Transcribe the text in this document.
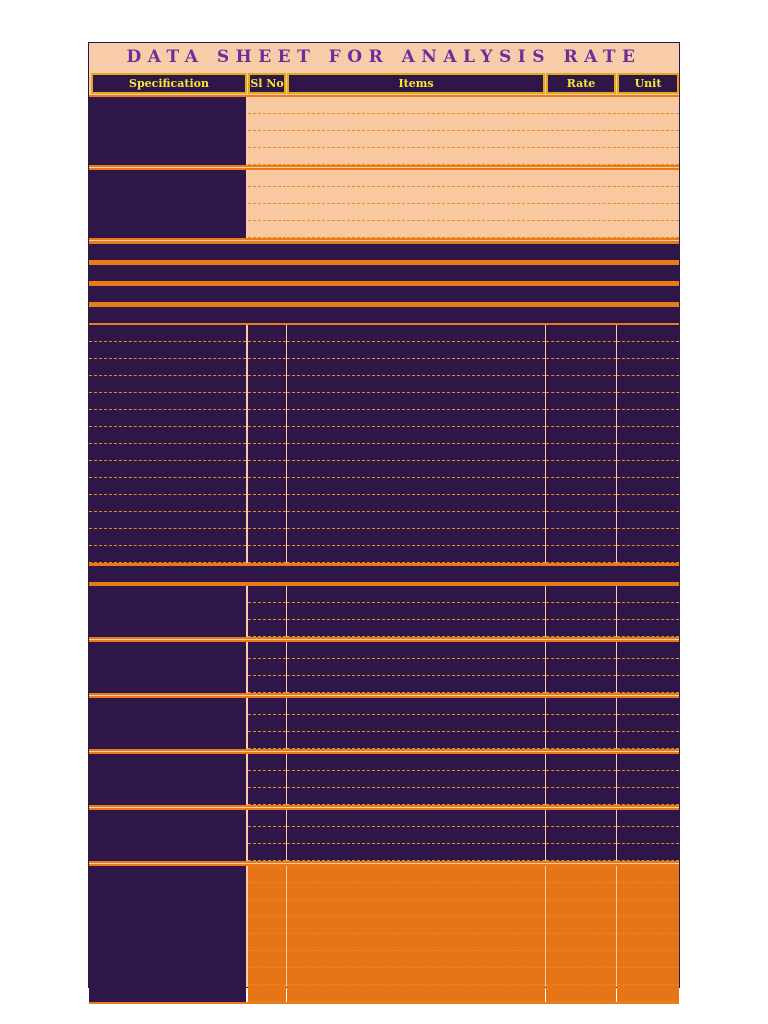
DATA SHEET FOR ANALYSIS RATE
Specification	Sl No	Items	Rate	Unit
